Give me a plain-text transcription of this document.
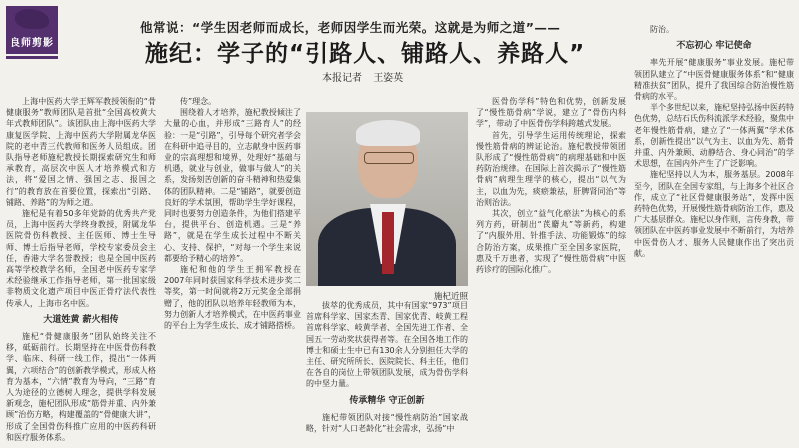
良师剪影
他常说：“学生因老师而成长，老师因学生而光荣。这就是为师之道”——
施纪：学子的“引路人、铺路人、养路人”
本报记者 王姿英

上海中医药大学王辉军教授领衔的“骨健康服务”教师团队是首批“全国高校黄大年式教师团队”。该团队由上海中医药大学康复医学院、上海中医药大学附属龙华医院的老中青三代教师和医务人员组成。团队指导老师施杞教授长期探索研究生和师承教育，高层次中医人才培养模式和方法，将“爱国之情、强国之志、报国之行”的教育放在首要位置，探索出“引路、铺路、养路”的为师之道。

施杞是有着50多年党龄的优秀共产党员，上海中医药大学终身教授，附属龙华医院骨伤科教授、主任医师、博士生导师、博士后指导老师，学校专家委员会主任，香港大学名誉教授；也是全国中医药高等学校教学名师，全国老中医药专家学术经验继承工作指导老师，第一批国家级非物质文化遗产项目中医正骨疗法代表性传承人，上海市名中医。

大道姓黄 薪火相传

施杞“骨健康服务”团队始终关注不移，砥砺前行。长期坚持在中医骨伤科教学、临床、科研一线工作，提出“一体两翼，六项结合”的创新教学模式，形成人格育为基本，“六情”教育为导向，“三路”育人为途径的立德树人理念，提供学科发展新观念，施杞团队形成“筋骨并重、内外兼顾”治伤方略，构建覆盖的“骨健康大讲”，形成了全国骨伤科推广应用的中医药科研和医疗服务体系。

传”理念。

围绕着人才培养，施杞教授倾注了大量的心血，并形成“三路育人”的经验：一是“引路”，引导每个研究者学会在科研中追寻目的，立志献身中医药事业的宗高理想和境界，处理好“基础与机遇，就业与创业，做事与做人”的关系，发扬刻苦创新的奋斗精神和热爱集体的团队精神。二是“铺路”，就要创造良好的学术氛围，帮助学生学好课程，同时也要努力创造条件，为他们搭建平台，提供平台、创造机遇。三是“养路”，就是在学生成长过程中不断关心、支持、保护，“对每一个学生来说都要给予精心的培养”。

施杞和他的学生王拥军教授在2007年同时获国家科学技术进步奖二等奖，第一时间就将2万元奖金全部捐赠了，他的团队以培养年轻教师为本，努力创新人才培养模式，在中医药事业的平台上为学生成长、成才铺路搭桥。

施杞近照

拔萃的优秀成员，其中有国家“973”项目首席科学家、国家杰青、国家优青、岐黄工程首席科学家、岐黄学者、全国先进工作者、全国五一劳动奖状获得者等。在全国各地工作的博士和硕士生中已有130余人分别担任大学的主任、研究所所长、医院院长、科主任，他们在各自的岗位上带领团队发展，成为骨伤学科的中坚力量。

传承精华 守正创新

施杞带领团队对接“慢性病防治”国家战略，针对“人口老龄化”社会需求，弘扬“中

医骨伤学科”特色和优势，创新发展了“慢性筋骨病”学说，建立了“骨伤内科学”，带动了中医骨伤学科跨越式发展。

首先，引导学生运用传统理论，探索慢性筋骨病的辨证论治。施杞教授带领团队形成了“慢性筋骨病”的病理基础和中医药防治规律。在国际上首次揭示了“慢性筋骨病”病理生理学的核心，提出“以气为主，以血为先，痰瘀兼祛，肝脾肾同治”等治则治法。

其次，创立“益气化瘀法”为核心的系列方药，研制出“芪麝丸”等新药，构建了“内服外用、针推手法、功能锻炼”的综合防治方案，成果推广至全国多家医院，惠及千万患者，实现了“慢性筋骨病”中医药诊疗的国际化推广。

防治。

不忘初心 牢记使命

率先开展“健康服务”事业发展。施杞带领团队建立了“中医骨健康服务体系”和“健康精准扶贫”团队，提升了我国综合防治慢性筋骨病的水平。

半个多世纪以来，施杞坚持弘扬中医药特色优势，总结石氏伤科流派学术经验，聚焦中老年慢性筋骨病，建立了“一体两翼”学术体系，创新性提出“以气为主、以血为先、筋骨并重、内外兼顾、动静结合、身心同治”的学术思想，在国内外产生了广泛影响。

施杞坚持以人为本，服务基层。2008年至今，团队在全国专家组，与上海多个社区合作，成立了“社区骨健康服务站”，发挥中医药特色优势，开展慢性筋骨病防治工作，惠及广大基层群众。施杞以身作则，言传身教，带领团队在中医药事业发展中不断前行，为培养中医骨伤人才、服务人民健康作出了突出贡献。
